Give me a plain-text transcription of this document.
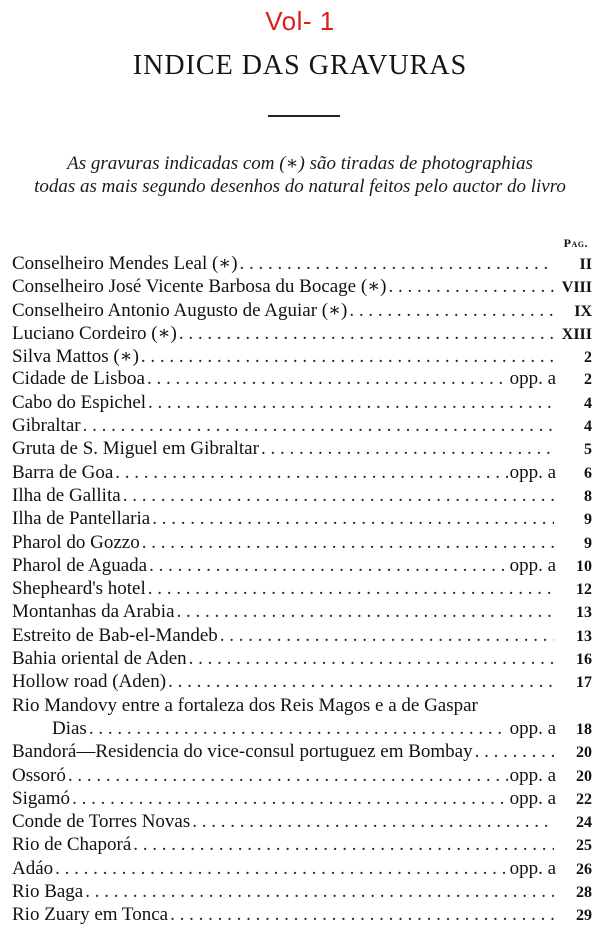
Vol- 1
INDICE DAS GRAVURAS
As gravuras indicadas com (∗) são tiradas de photographias
todas as mais segundo desenhos do natural feitos pelo auctor do livro
Pag.
Conselheiro Mendes Leal (∗) . . .	II
Conselheiro José Vicente Barbosa du Bocage (∗) . . .	VIII
Conselheiro Antonio Augusto de Aguiar (∗) . . .	IX
Luciano Cordeiro (∗) . . .	XIII
Silva Mattos (∗) . . .	2
Cidade de Lisboa . . .	opp. a	2
Cabo do Espichel . . .	4
Gibraltar . . .	4
Gruta de S. Miguel em Gibraltar . . .	5
Barra de Goa . . .	opp. a	6
Ilha de Gallita . . .	8
Ilha de Pantellaria . . .	9
Pharol do Gozzo . . .	9
Pharol de Aguada . . .	opp. a	10
Shepheard's hotel . . .	12
Montanhas da Arabia . . .	13
Estreito de Bab-el-Mandeb . . .	13
Bahia oriental de Aden . . .	16
Hollow road (Aden) . . .	17
Rio Mandovy entre a fortaleza dos Reis Magos e a de Gaspar
Dias . . .	opp. a	18
Bandorá—Residencia do vice-consul portuguez em Bombay . . .	20
Ossoró . . .	opp. a	20
Sigamó . . .	opp. a	22
Conde de Torres Novas . . .	24
Rio de Chaporá . . .	25
Adáo . . .	opp. a	26
Rio Baga . . .	28
Rio Zuary em Tonca . . .	29
